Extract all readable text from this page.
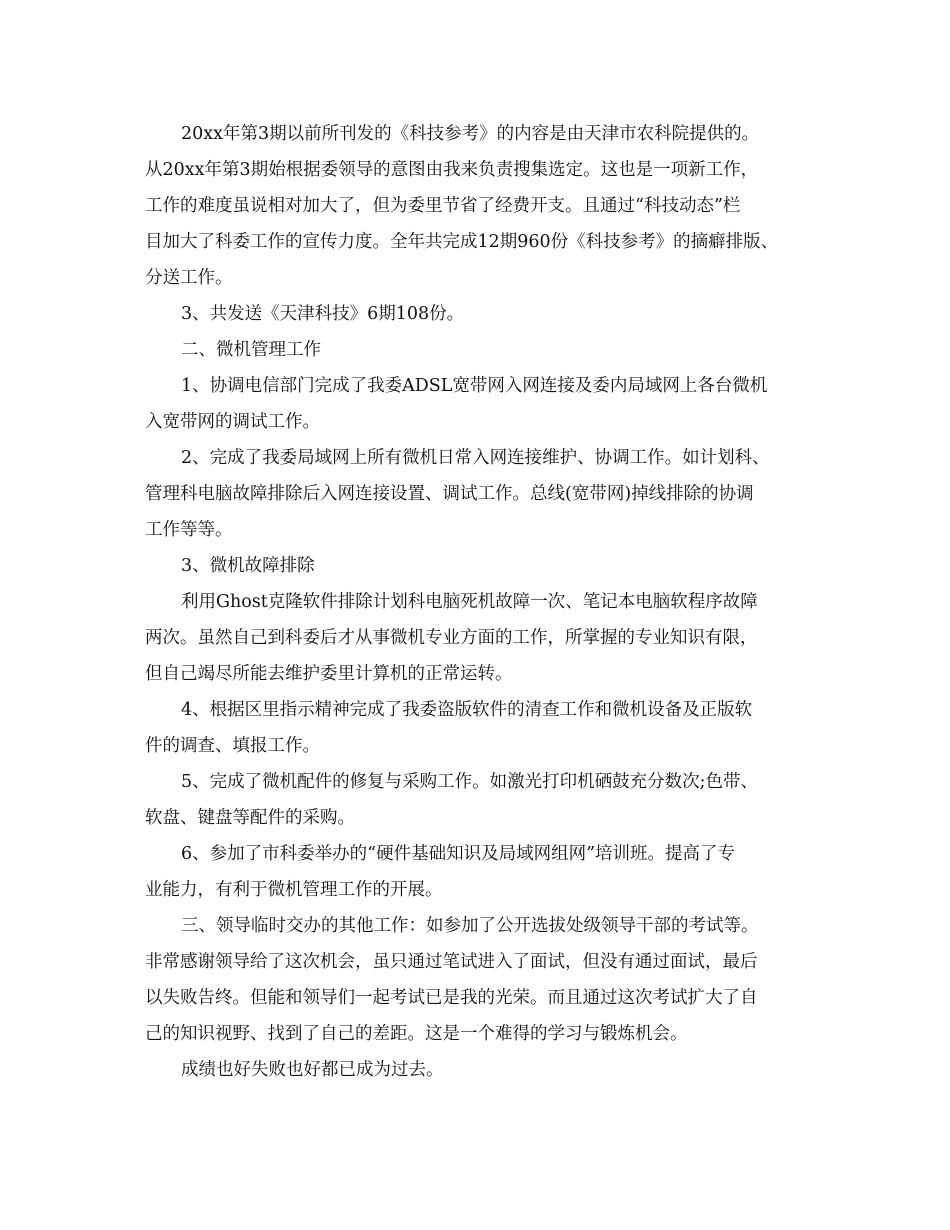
20xx年第3期以前所刊发的《科技参考》的内容是由天津市农科院提供的。
从20xx年第3期始根据委领导的意图由我来负责搜集选定。这也是一项新工作，
工作的难度虽说相对加大了，但为委里节省了经费开支。且通过“科技动态”栏
目加大了科委工作的宣传力度。全年共完成12期960份《科技参考》的摘癖排版、
分送工作。
3、共发送《天津科技》6期108份。
二、微机管理工作
1、协调电信部门完成了我委ADSL宽带网入网连接及委内局域网上各台微机
入宽带网的调试工作。
2、完成了我委局域网上所有微机日常入网连接维护、协调工作。如计划科、
管理科电脑故障排除后入网连接设置、调试工作。总线(宽带网)掉线排除的协调
工作等等。
3、微机故障排除
利用Ghost克隆软件排除计划科电脑死机故障一次、笔记本电脑软程序故障
两次。虽然自己到科委后才从事微机专业方面的工作，所掌握的专业知识有限，
但自己竭尽所能去维护委里计算机的正常运转。
4、根据区里指示精神完成了我委盗版软件的清查工作和微机设备及正版软
件的调查、填报工作。
5、完成了微机配件的修复与采购工作。如激光打印机硒鼓充分数次;色带、
软盘、键盘等配件的采购。
6、参加了市科委举办的“硬件基础知识及局域网组网”培训班。提高了专
业能力，有利于微机管理工作的开展。
三、领导临时交办的其他工作：如参加了公开选拔处级领导干部的考试等。
非常感谢领导给了这次机会，虽只通过笔试进入了面试，但没有通过面试，最后
以失败告终。但能和领导们一起考试已是我的光荣。而且通过这次考试扩大了自
己的知识视野、找到了自己的差距。这是一个难得的学习与锻炼机会。
成绩也好失败也好都已成为过去。
